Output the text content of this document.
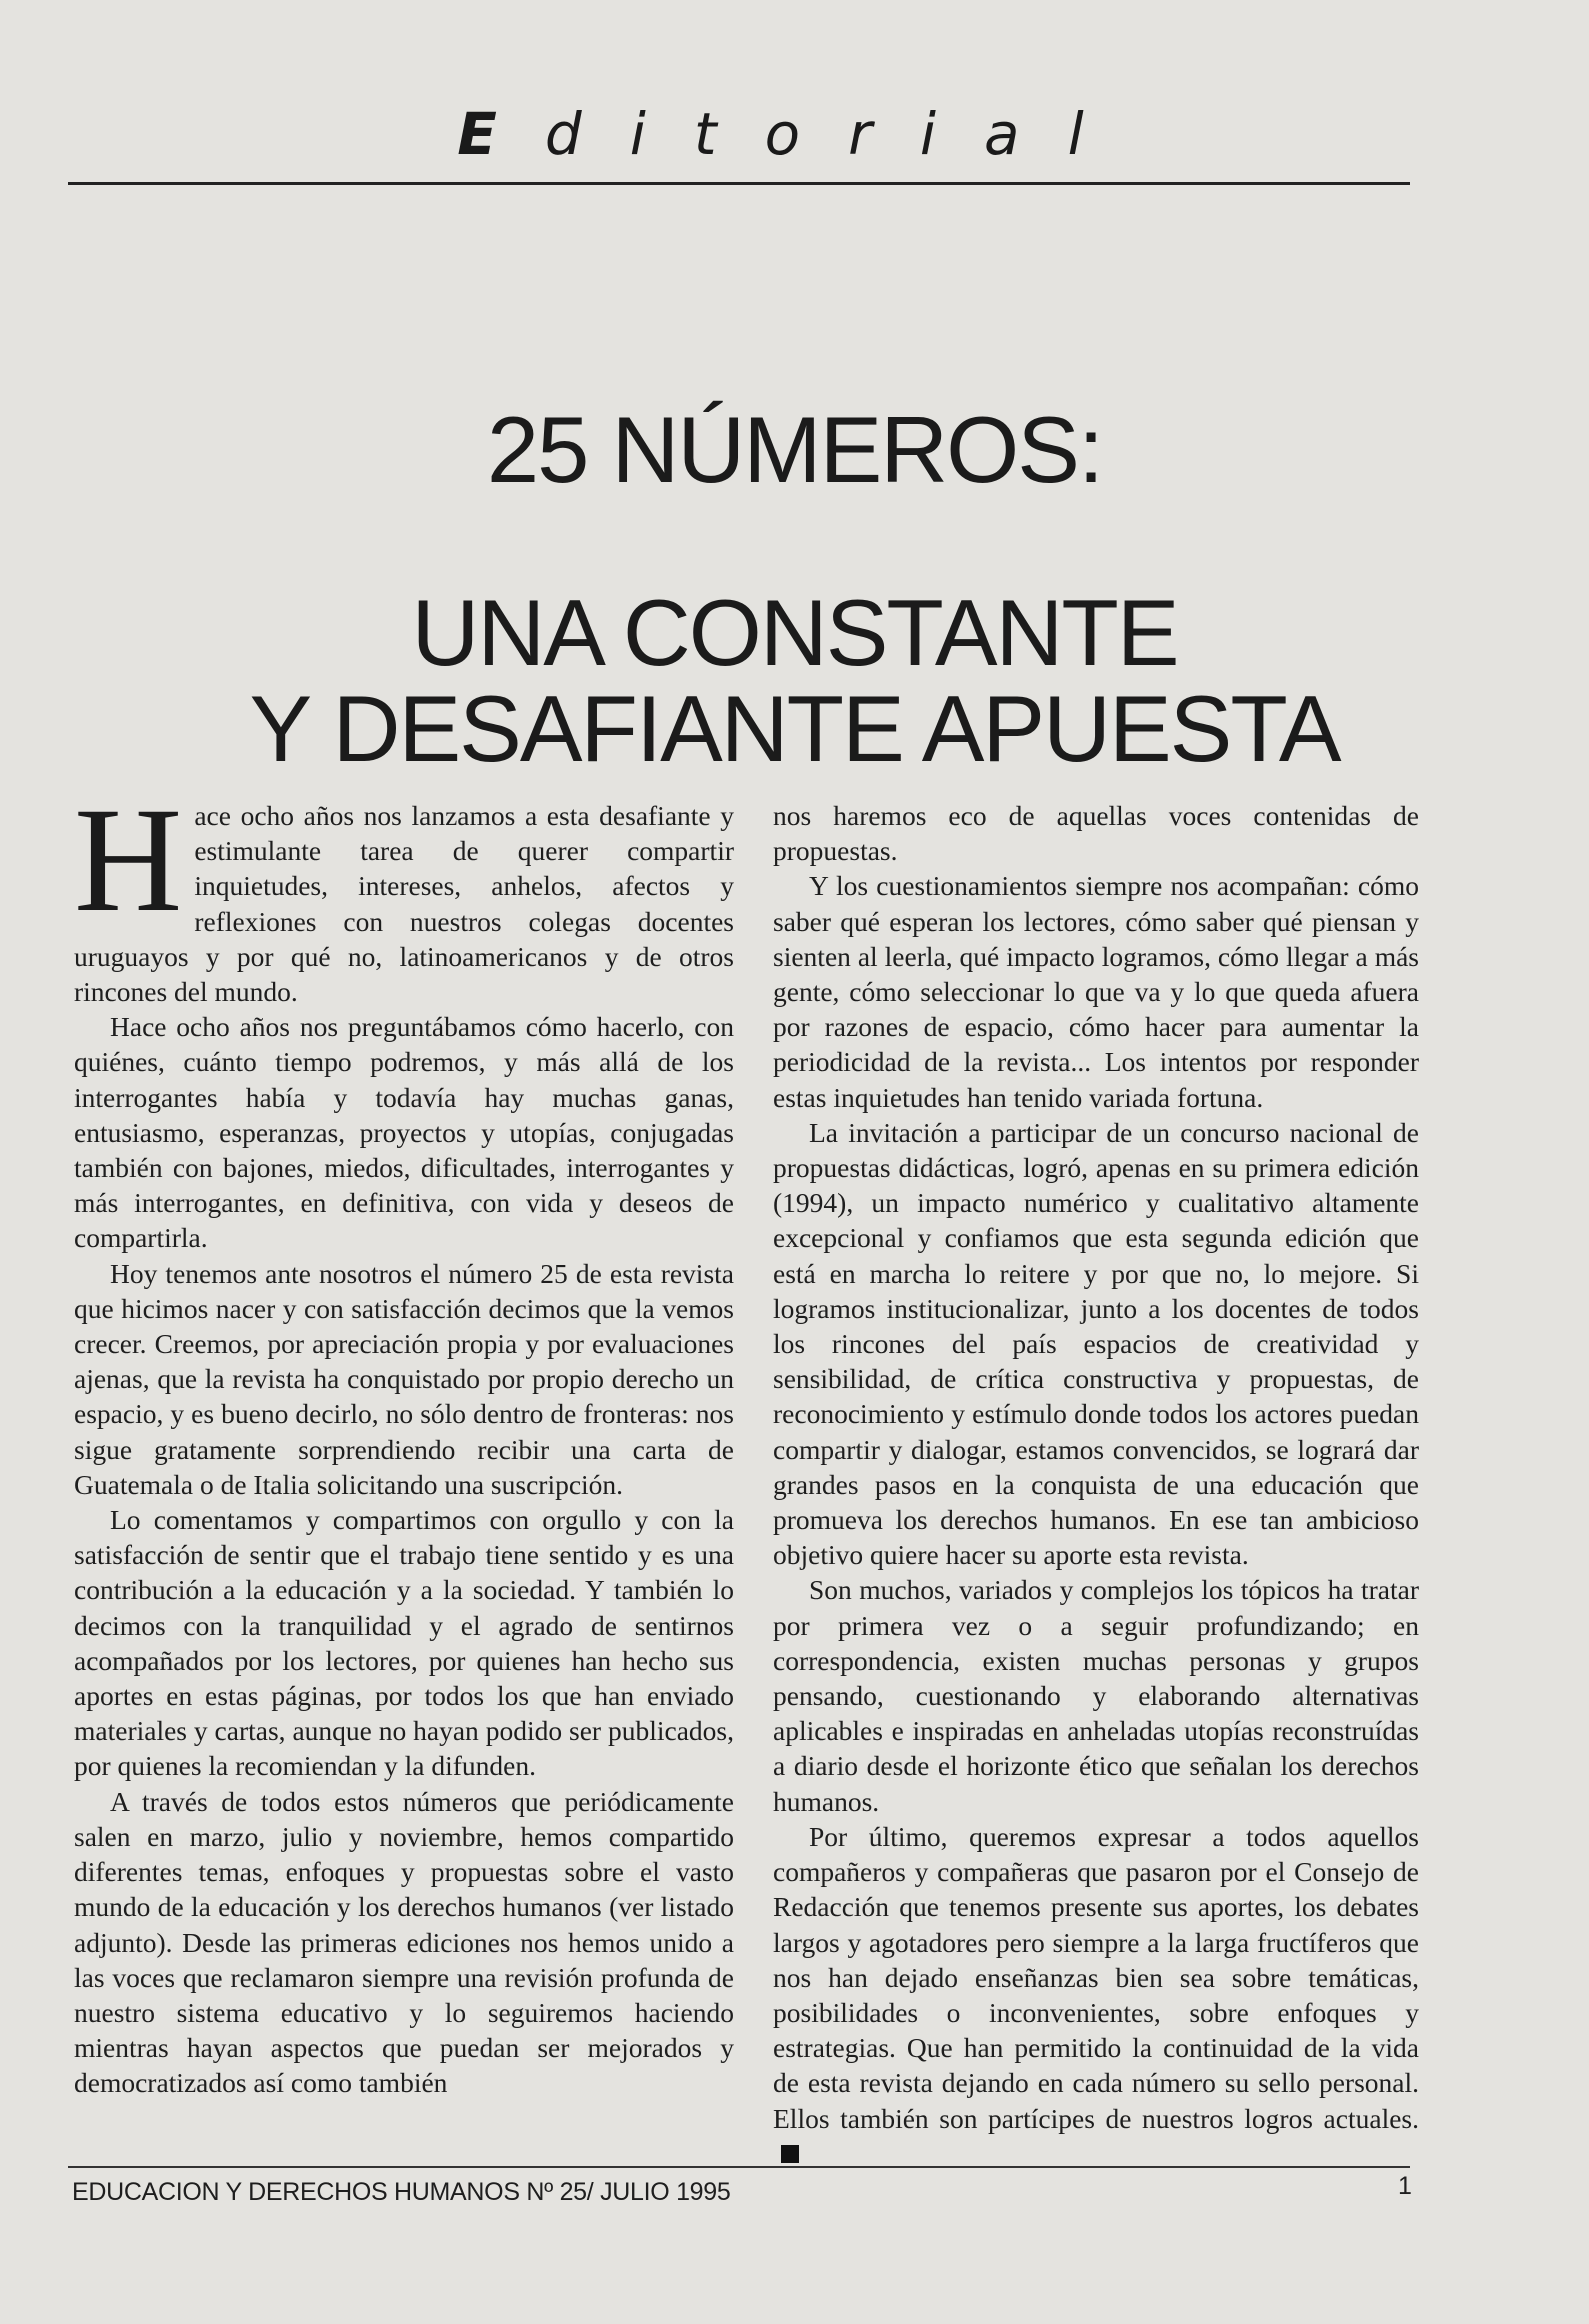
Editorial
25 NÚMEROS:
UNA CONSTANTE
Y DESAFIANTE APUESTA

Hace ocho años nos lanzamos a esta desafiante y estimulante tarea de querer compartir inquietudes, intereses, anhelos, afectos y reflexiones con nuestros colegas docentes uruguayos y por qué no, latinoamericanos y de otros rincones del mundo.

Hace ocho años nos preguntábamos cómo hacerlo, con quiénes, cuánto tiempo podremos, y más allá de los interrogantes había y todavía hay muchas ganas, entusiasmo, esperanzas, proyectos y utopías, conjugadas también con bajones, miedos, dificultades, interrogantes y más interrogantes, en definitiva, con vida y deseos de compartirla.

Hoy tenemos ante nosotros el número 25 de esta revista que hicimos nacer y con satisfacción decimos que la vemos crecer. Creemos, por apreciación propia y por evaluaciones ajenas, que la revista ha conquistado por propio derecho un espacio, y es bueno decirlo, no sólo dentro de fronteras: nos sigue gratamente sorprendiendo recibir una carta de Guatemala o de Italia solicitando una suscripción.

Lo comentamos y compartimos con orgullo y con la satisfacción de sentir que el trabajo tiene sentido y es una contribución a la educación y a la sociedad. Y también lo decimos con la tranquilidad y el agrado de sentirnos acompañados por los lectores, por quienes han hecho sus aportes en estas páginas, por todos los que han enviado materiales y cartas, aunque no hayan podido ser publicados, por quienes la recomiendan y la difunden.

A través de todos estos números que periódicamente salen en marzo, julio y noviembre, hemos compartido diferentes temas, enfoques y propuestas sobre el vasto mundo de la educación y los derechos humanos (ver listado adjunto). Desde las primeras ediciones nos hemos unido a las voces que reclamaron siempre una revisión profunda de nuestro sistema educativo y lo seguiremos haciendo mientras hayan aspectos que puedan ser mejorados y democratizados así como también

nos haremos eco de aquellas voces contenidas de propuestas.

Y los cuestionamientos siempre nos acompañan: cómo saber qué esperan los lectores, cómo saber qué piensan y sienten al leerla, qué impacto logramos, cómo llegar a más gente, cómo seleccionar lo que va y lo que queda afuera por razones de espacio, cómo hacer para aumentar la periodicidad de la revista... Los intentos por responder estas inquietudes han tenido variada fortuna.

La invitación a participar de un concurso nacional de propuestas didácticas, logró, apenas en su primera edición (1994), un impacto numérico y cualitativo altamente excepcional y confiamos que esta segunda edición que está en marcha lo reitere y por que no, lo mejore. Si logramos institucionalizar, junto a los docentes de todos los rincones del país espacios de creatividad y sensibilidad, de crítica constructiva y propuestas, de reconocimiento y estímulo donde todos los actores puedan compartir y dialogar, estamos convencidos, se logrará dar grandes pasos en la conquista de una educación que promueva los derechos humanos. En ese tan ambicioso objetivo quiere hacer su aporte esta revista.

Son muchos, variados y complejos los tópicos ha tratar por primera vez o a seguir profundizando; en correspondencia, existen muchas personas y grupos pensando, cuestionando y elaborando alternativas aplicables e inspiradas en anheladas utopías reconstruídas a diario desde el horizonte ético que señalan los derechos humanos.

Por último, queremos expresar a todos aquellos compañeros y compañeras que pasaron por el Consejo de Redacción que tenemos presente sus aportes, los debates largos y agotadores pero siempre a la larga fructíferos que nos han dejado enseñanzas bien sea sobre temáticas, posibilidades o inconvenientes, sobre enfoques y estrategias. Que han permitido la continuidad de la vida de esta revista dejando en cada número su sello personal. Ellos también son partícipes de nuestros logros actuales.

EDUCACION Y DERECHOS HUMANOS Nº 25/ JULIO 1995	1
